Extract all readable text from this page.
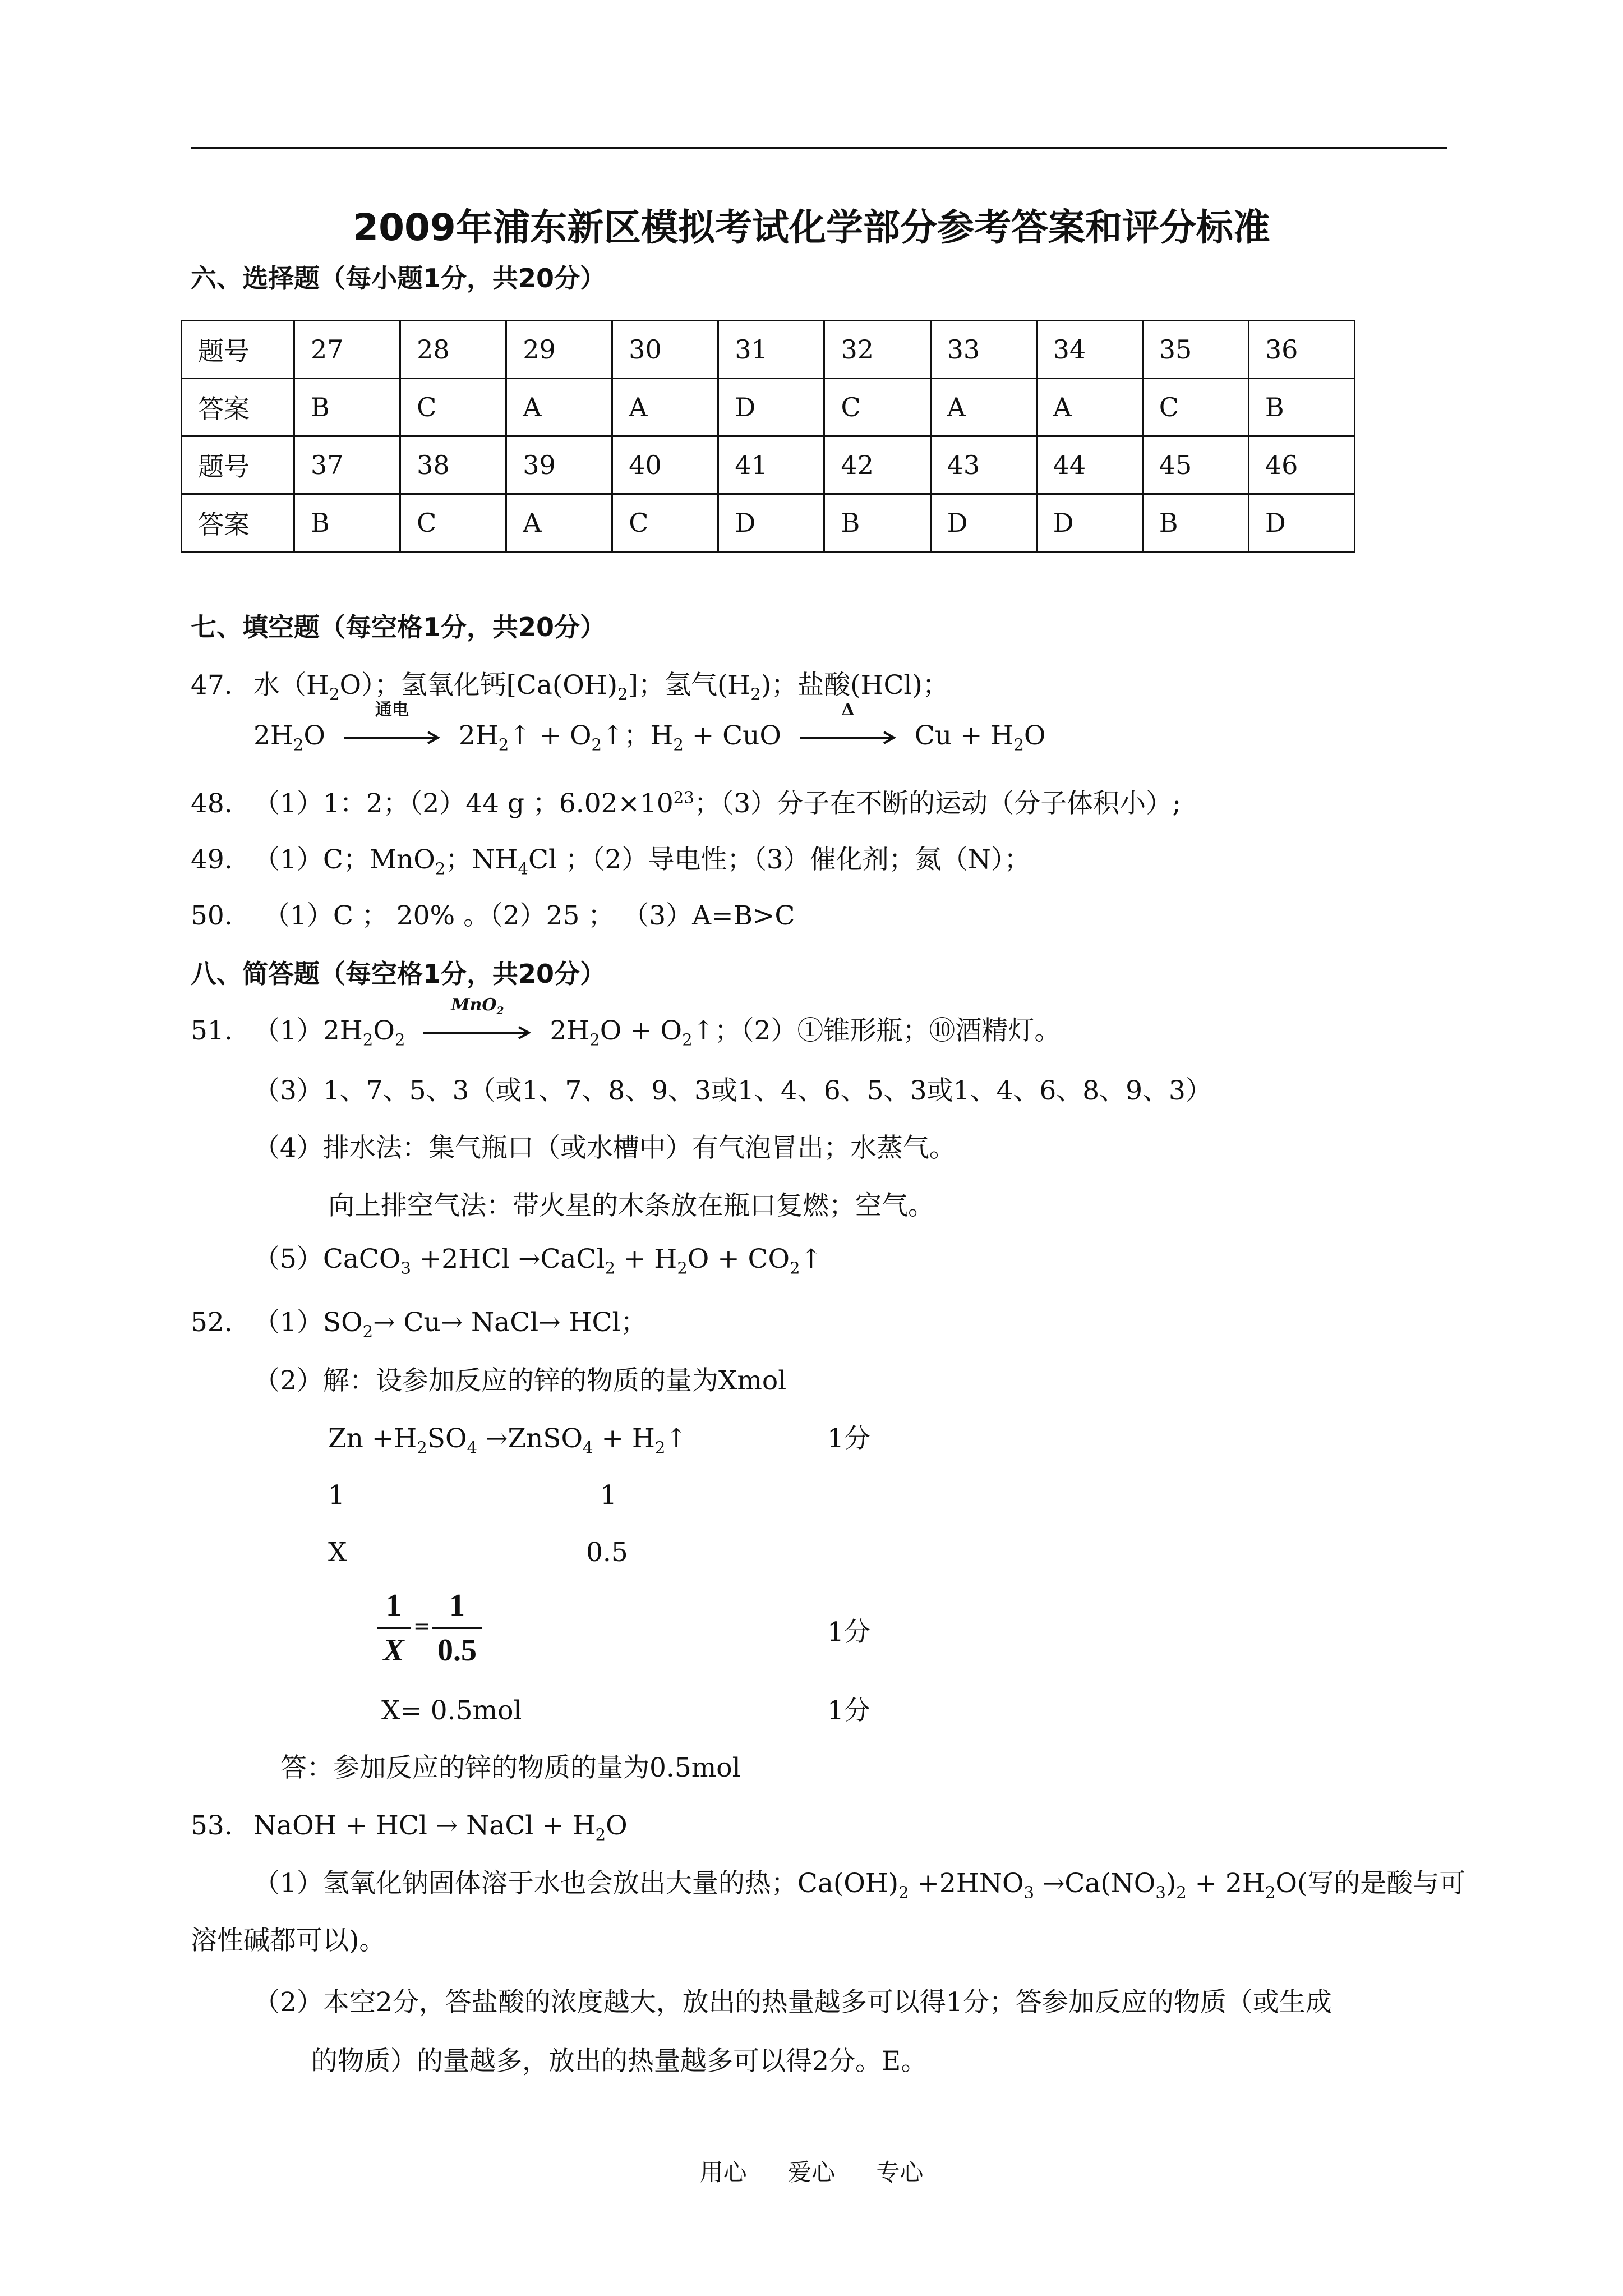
2009年浦东新区模拟考试化学部分参考答案和评分标准
六、选择题（每小题1分，共20分）
题号	27	28	29	30	31	32	33	34	35	36
答案	B	C	A	A	D	C	A	A	C	B
题号	37	38	39	40	41	42	43	44	45	46
答案	B	C	A	C	D	B	D	D	B	D
七、填空题（每空格1分，共20分）
47. 水$(H_2O)$；氢氧化钙$[Ca(OH)_2]$；氢气$(H_2)$；盐酸(HCl)；
$2H_2O$
通电
$2H_2↑$ + $O_2↑$；$H_2$ + CuO
Δ
$Cu + H_2O$
48. （1）1：2；（2）44 g ；$6.02\times 10^{23}$；（3）分子在不断的运动（分子体积小）;
49. （1）C；MnO$_2$；$NH_4Cl$ ；（2）导电性；（3）催化剂；氮（N）；
50. （1）C ； 20% 。（2）25 ； （3）A=B>C
八、简答题（每空格1分，共20分）
51. $(1)2H_2O_2$
MnO$_2$
$2H_2O$ + $O_2↑$；（2）①锥形瓶；⑩酒精灯。
（3）1、7、5、3（或1、7、8、9、3或1、4、6、5、3或1、4、6、8、9、3）
（4）排水法：集气瓶口（或水槽中）有气泡冒出；水蒸气。
向上排空气法：带火星的木条放在瓶口复燃；空气。
（5）CaCO$_3$ +2HCl →CaCl$_2$ + $H_2O$ + $CO_2↑$
52. $(1)SO_2\to Cu\to$ NaCl→ HCl；
（2）解：设参加反应的锌的物质的量为Xmol
$Zn +H_2SO_4$ →ZnSO$_4$ + $H_2↑$	1分
1	1
X	0.5
1
X
=
1
0.5
1分
X= 0.5mol	1分
答：参加反应的锌的物质的量为0.5mol
53. NaOH + HCl → NaCl + $H_2O$
（1）氢氧化钠固体溶于水也会放出大量的热；$Ca(OH)_2 +2HNO_3 \to Ca(NO_3)_2 + 2H_2O$(写的是酸与可
溶性碱都可以)。
（2）本空2分，答盐酸的浓度越大，放出的热量越多可以得1分；答参加反应的物质（或生成
的物质）的量越多，放出的热量越多可以得2分。E。
用心 爱心 专心
